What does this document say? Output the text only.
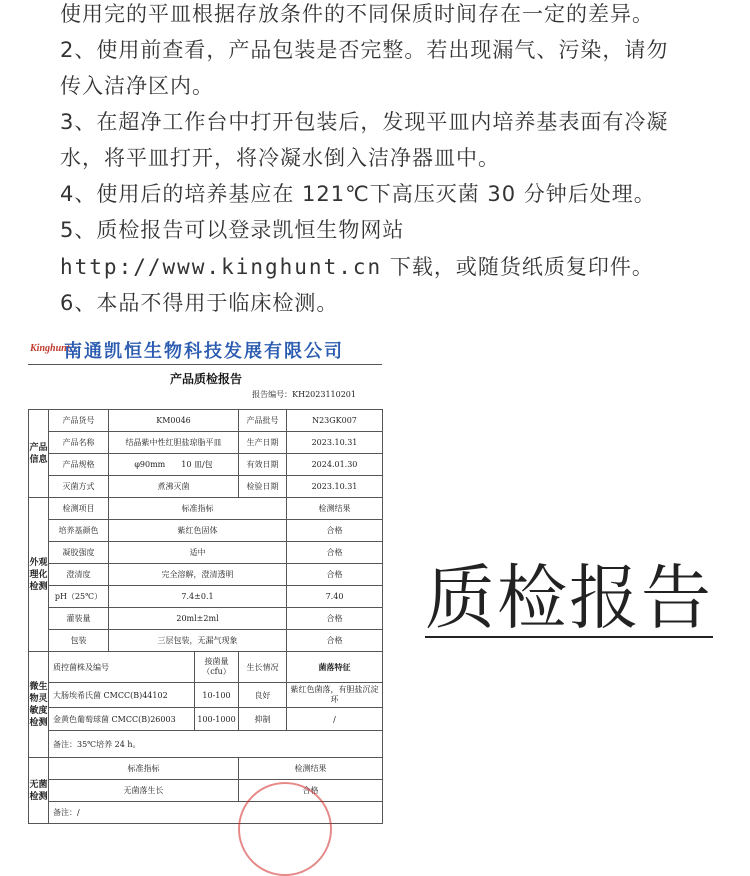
使用完的平皿根据存放条件的不同保质时间存在一定的差异。
2、使用前查看，产品包装是否完整。若出现漏气、污染，请勿
传入洁净区内。
3、在超净工作台中打开包装后，发现平皿内培养基表面有冷凝
水，将平皿打开，将冷凝水倒入洁净器皿中。
4、使用后的培养基应在 121℃下高压灭菌 30 分钟后处理。
5、质检报告可以登录凯恒生物网站
http://www.kinghunt.cn 下载，或随货纸质复印件。
6、本品不得用于临床检测。
Kinghunt
南通凯恒生物科技发展有限公司
产品质检报告
报告编号：KH2023110201
产品信息	产品货号	KM0046		产品批号	N23GK007
	产品名称	结晶紫中性红胆盐琼脂平皿		生产日期	2023.10.31
	产品规格	φ90mm　　10 皿/包		有效日期	2024.01.30
	灭菌方式	煮沸灭菌		检验日期	2023.10.31
外观理化检测	检测项目	标准指标			检测结果
	培养基颜色	紫红色固体			合格
	凝胶强度	适中			合格
	澄清度	完全溶解，澄清透明			合格
	pH（25℃）	7.4±0.1			7.40
	灌装量	20ml±2ml			合格
	包装	三层包装，无漏气现象			合格
微生物灵敏度检测	质控菌株及编号		接菌量（cfu）	生长情况	菌落特征
	大肠埃希氏菌 CMCC(B)44102		10-100	良好	紫红色菌落，有胆盐沉淀环
	金黄色葡萄球菌 CMCC(B)26003		100-1000	抑制	/
	备注：35℃培养 24 h。				
无菌检测	标准指标			检测结果	
	无菌落生长			合格	
	备注：/				
质检报告
